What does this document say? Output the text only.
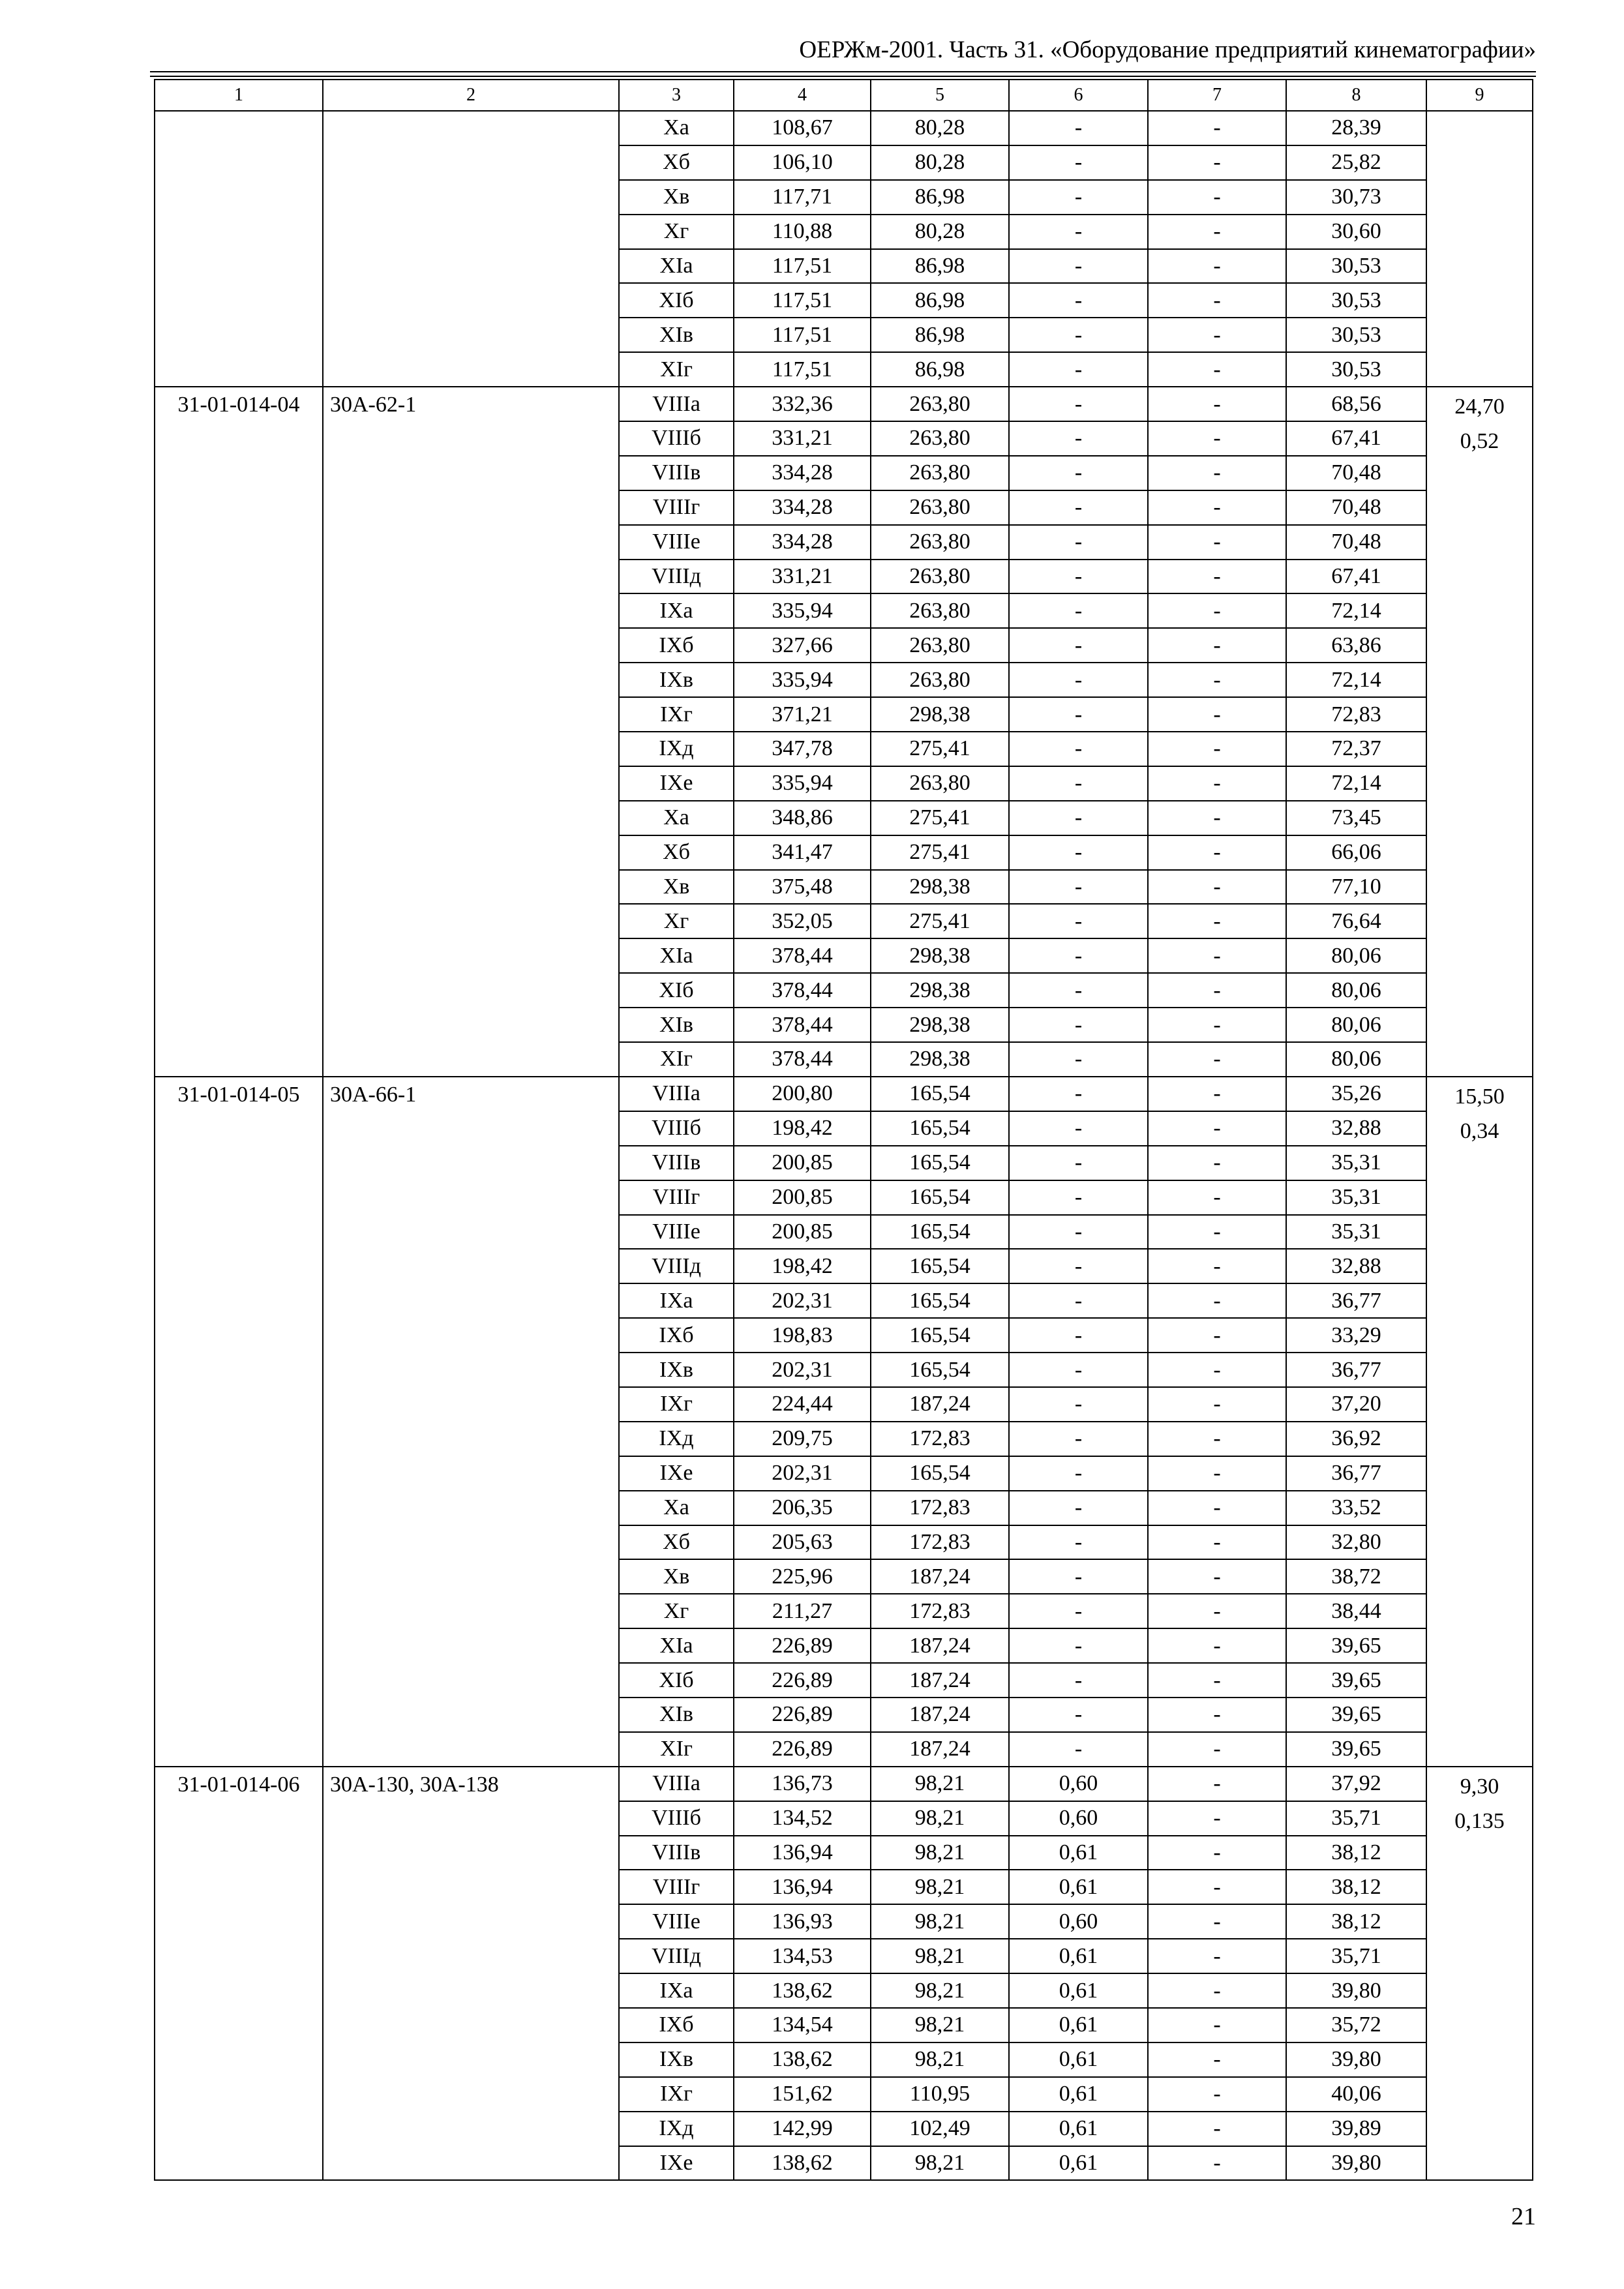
ОЕРЖм-2001. Часть 31. «Оборудование предприятий кинематографии»
1	2	3	4	5	6	7	8	9
		Xa	108,67	80,28	-	-	28,39	
		Xб	106,10	80,28	-	-	25,82	
		Xв	117,71	86,98	-	-	30,73	
		Xг	110,88	80,28	-	-	30,60	
		XIa	117,51	86,98	-	-	30,53	
		XIб	117,51	86,98	-	-	30,53	
		XIв	117,51	86,98	-	-	30,53	
		XIг	117,51	86,98	-	-	30,53	
31-01-014-04	30A-62-1	VIIIa	332,36	263,80	-	-	68,56	24,70
0,52

		VIIIб	331,21	263,80	-	-	67,41	
		VIIIв	334,28	263,80	-	-	70,48	
		VIIIг	334,28	263,80	-	-	70,48	
		VIIIe	334,28	263,80	-	-	70,48	
		VIIIд	331,21	263,80	-	-	67,41	
		IXa	335,94	263,80	-	-	72,14	
		IXб	327,66	263,80	-	-	63,86	
		IXв	335,94	263,80	-	-	72,14	
		IXг	371,21	298,38	-	-	72,83	
		IXд	347,78	275,41	-	-	72,37	
		IXe	335,94	263,80	-	-	72,14	
		Xa	348,86	275,41	-	-	73,45	
		Xб	341,47	275,41	-	-	66,06	
		Xв	375,48	298,38	-	-	77,10	
		Xг	352,05	275,41	-	-	76,64	
		XIa	378,44	298,38	-	-	80,06	
		XIб	378,44	298,38	-	-	80,06	
		XIв	378,44	298,38	-	-	80,06	
		XIг	378,44	298,38	-	-	80,06	
31-01-014-05	30A-66-1	VIIIa	200,80	165,54	-	-	35,26	15,50
0,34

		VIIIб	198,42	165,54	-	-	32,88	
		VIIIв	200,85	165,54	-	-	35,31	
		VIIIг	200,85	165,54	-	-	35,31	
		VIIIe	200,85	165,54	-	-	35,31	
		VIIIд	198,42	165,54	-	-	32,88	
		IXa	202,31	165,54	-	-	36,77	
		IXб	198,83	165,54	-	-	33,29	
		IXв	202,31	165,54	-	-	36,77	
		IXг	224,44	187,24	-	-	37,20	
		IXд	209,75	172,83	-	-	36,92	
		IXe	202,31	165,54	-	-	36,77	
		Xa	206,35	172,83	-	-	33,52	
		Xб	205,63	172,83	-	-	32,80	
		Xв	225,96	187,24	-	-	38,72	
		Xг	211,27	172,83	-	-	38,44	
		XIa	226,89	187,24	-	-	39,65	
		XIб	226,89	187,24	-	-	39,65	
		XIв	226,89	187,24	-	-	39,65	
		XIг	226,89	187,24	-	-	39,65	
31-01-014-06	30A-130, 30A-138	VIIIa	136,73	98,21	0,60	-	37,92	9,30
0,135

		VIIIб	134,52	98,21	0,60	-	35,71	
		VIIIв	136,94	98,21	0,61	-	38,12	
		VIIIг	136,94	98,21	0,61	-	38,12	
		VIIIe	136,93	98,21	0,60	-	38,12	
		VIIIд	134,53	98,21	0,61	-	35,71	
		IXa	138,62	98,21	0,61	-	39,80	
		IXб	134,54	98,21	0,61	-	35,72	
		IXв	138,62	98,21	0,61	-	39,80	
		IXг	151,62	110,95	0,61	-	40,06	
		IXд	142,99	102,49	0,61	-	39,89	
		IXe	138,62	98,21	0,61	-	39,80	
21
